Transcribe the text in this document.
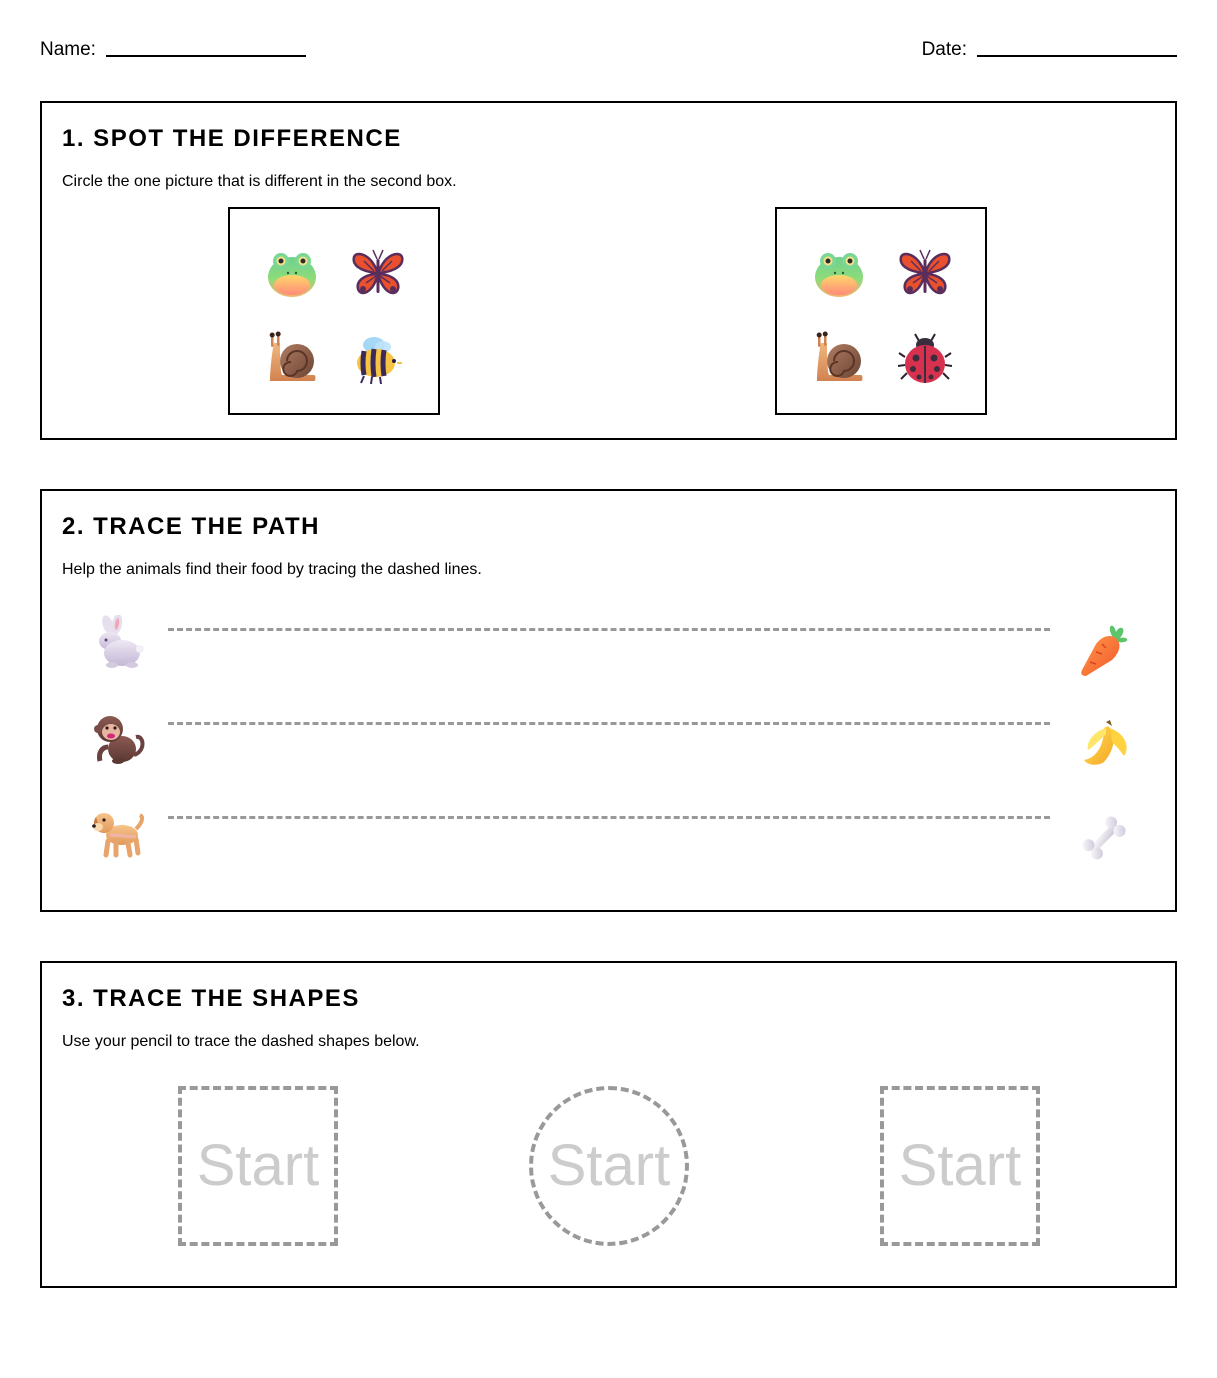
Name:	Date:
1. SPOT THE DIFFERENCE

Circle the one picture that is different in the second box.

2. TRACE THE PATH

Help the animals find their food by tracing the dashed lines.

3. TRACE THE SHAPES

Use your pencil to trace the dashed shapes below.

Start	Start	Start
